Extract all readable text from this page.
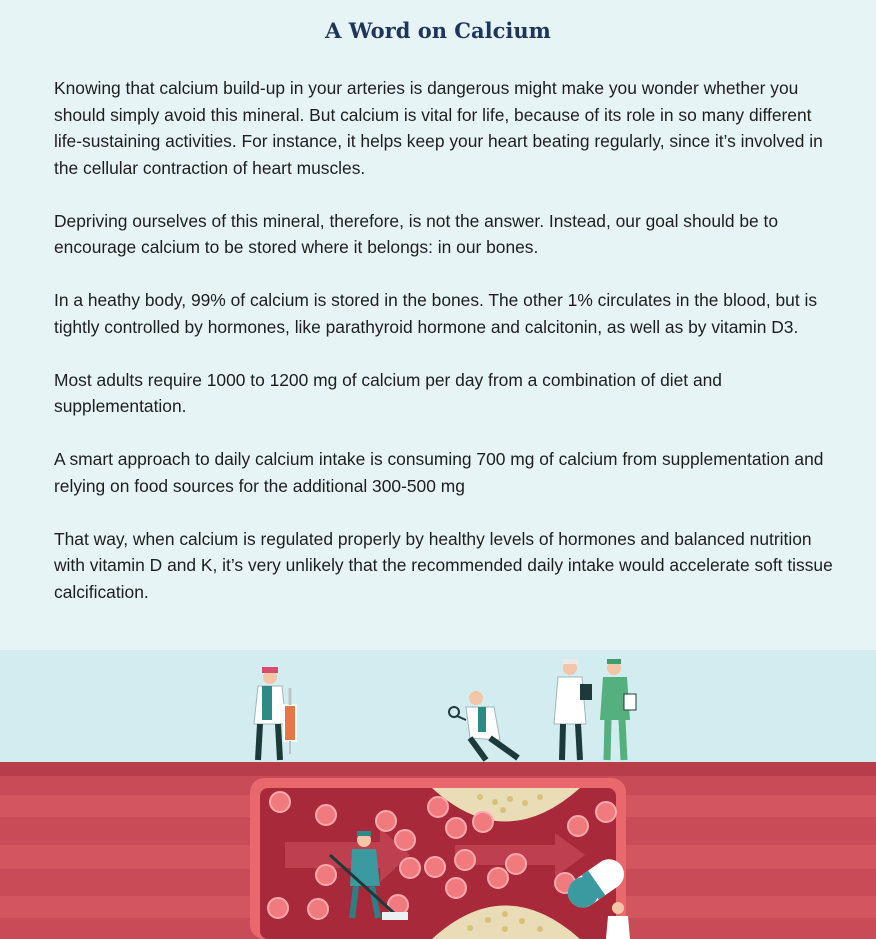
A Word on Calcium

Knowing that calcium build-up in your arteries is dangerous might make you wonder whether you should simply avoid this mineral. But calcium is vital for life, because of its role in so many different life-sustaining activities. For instance, it helps keep your heart beating regularly, since it’s involved in the cellular contraction of heart muscles.

Depriving ourselves of this mineral, therefore, is not the answer. Instead, our goal should be to encourage calcium to be stored where it belongs: in our bones.

In a heathy body, 99% of calcium is stored in the bones. The other 1% circulates in the blood, but is tightly controlled by hormones, like parathyroid hormone and calcitonin, as well as by vitamin D3.

Most adults require 1000 to 1200 mg of calcium per day from a combination of diet and supplementation.

A smart approach to daily calcium intake is consuming 700 mg of calcium from supplementation and relying on food sources for the additional 300-500 mg

That way, when calcium is regulated properly by healthy levels of hormones and balanced nutrition with vitamin D and K, it’s very unlikely that the recommended daily intake would accelerate soft tissue calcification.
